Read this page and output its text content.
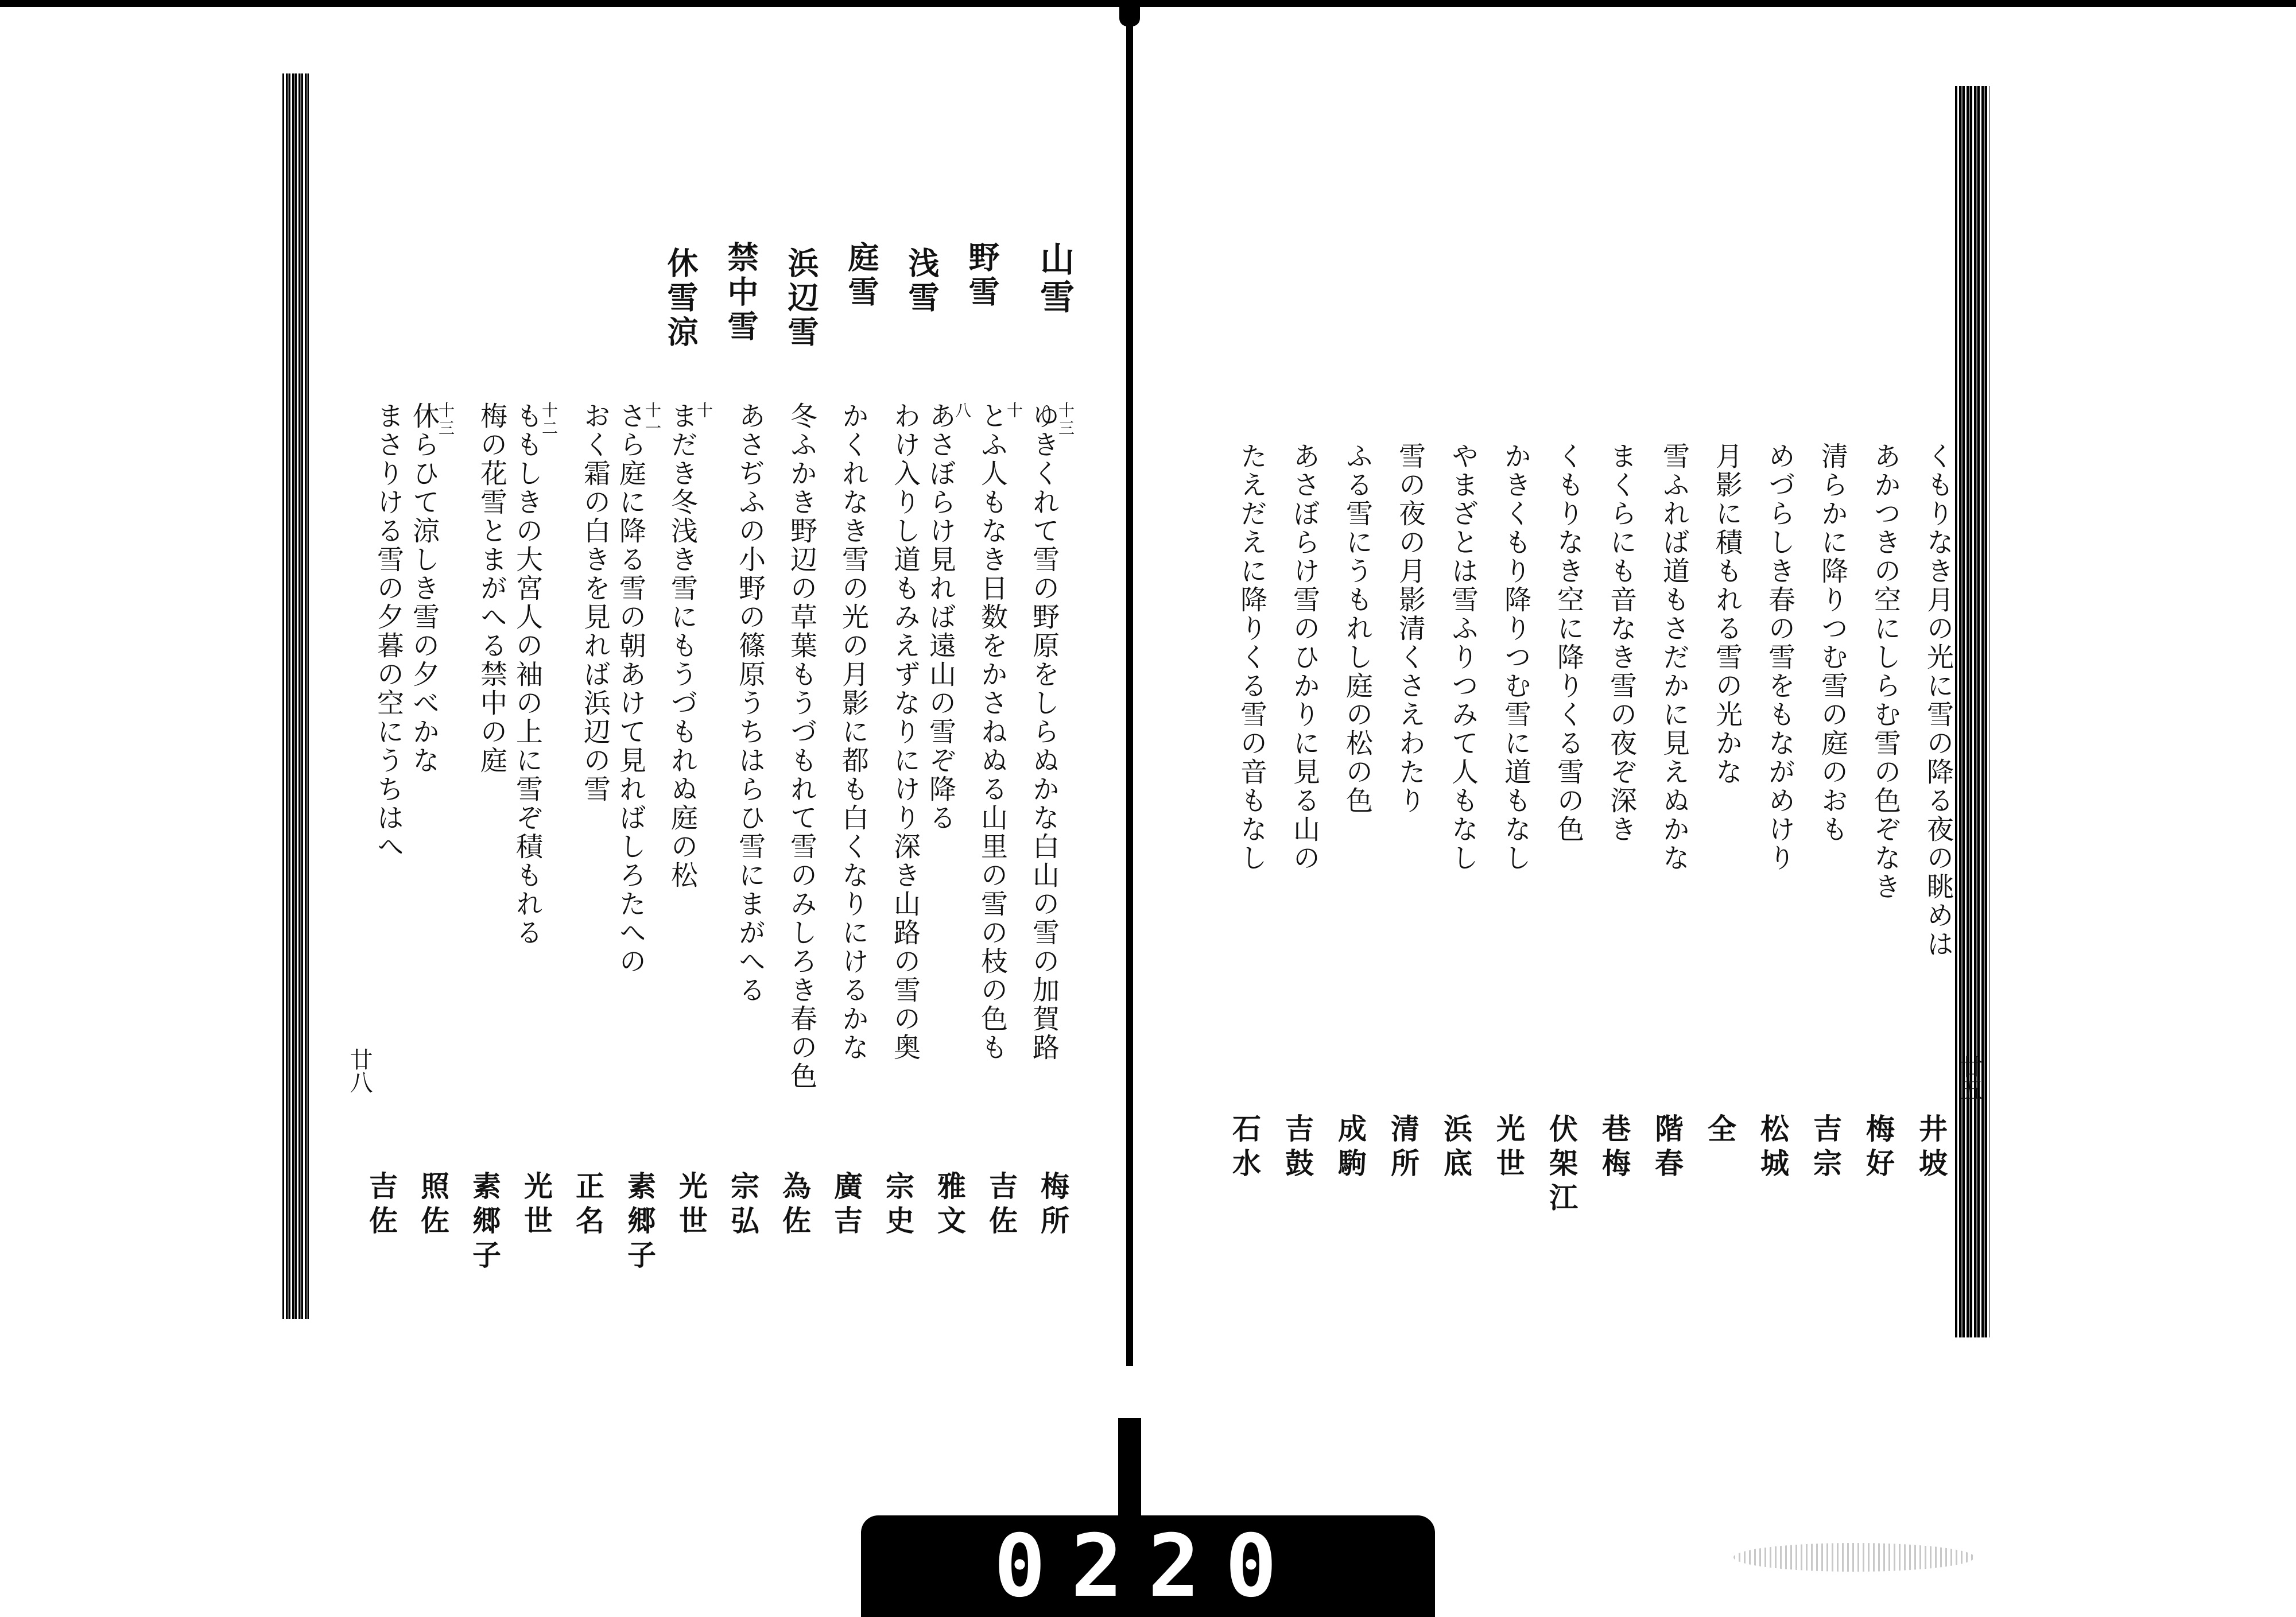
山雪
野雪
浅雪
庭雪
浜辺雪
禁中雪
休雪涼
十三
ゆきくれて雪の野原をしらぬかな白山の雪の加賀路
梅所
十
とふ人もなき日数をかさねぬる山里の雪の枝の色も
吉佐
八
あさぼらけ見れば遠山の雪ぞ降る
雅文
わけ入りし道もみえずなりにけり深き山路の雪の奥
宗史
かくれなき雪の光の月影に都も白くなりにけるかな
廣吉
冬ふかき野辺の草葉もうづもれて雪のみしろき春の色
為佐
あさぢふの小野の篠原うちはらひ雪にまがへる
宗弘
十
まだき冬浅き雪にもうづもれぬ庭の松
光世
十一
さら庭に降る雪の朝あけて見ればしろたへの
素郷子
おく霜の白きを見れば浜辺の雪
正名
十二
ももしきの大宮人の袖の上に雪ぞ積もれる
光世
梅の花雪とまがへる禁中の庭
素郷子
十三
休らひて涼しき雪の夕べかな
照佐
まさりける雪の夕暮の空にうちはへ
吉佐
廿八
くもりなき月の光に雪の降る夜の眺めは
井坡
あかつきの空にしらむ雪の色ぞなき
梅好
清らかに降りつむ雪の庭のおも
吉宗
めづらしき春の雪をもながめけり
松城
月影に積もれる雪の光かな
全
雪ふれば道もさだかに見えぬかな
階春
まくらにも音なき雪の夜ぞ深き
巷梅
くもりなき空に降りくる雪の色
伏架江
かきくもり降りつむ雪に道もなし
光世
やまざとは雪ふりつみて人もなし
浜底
雪の夜の月影清くさえわたり
清所
ふる雪にうもれし庭の松の色
成駒
あさぼらけ雪のひかりに見る山の
吉鼓
たえだえに降りくる雪の音もなし
石水
廿五
0220
